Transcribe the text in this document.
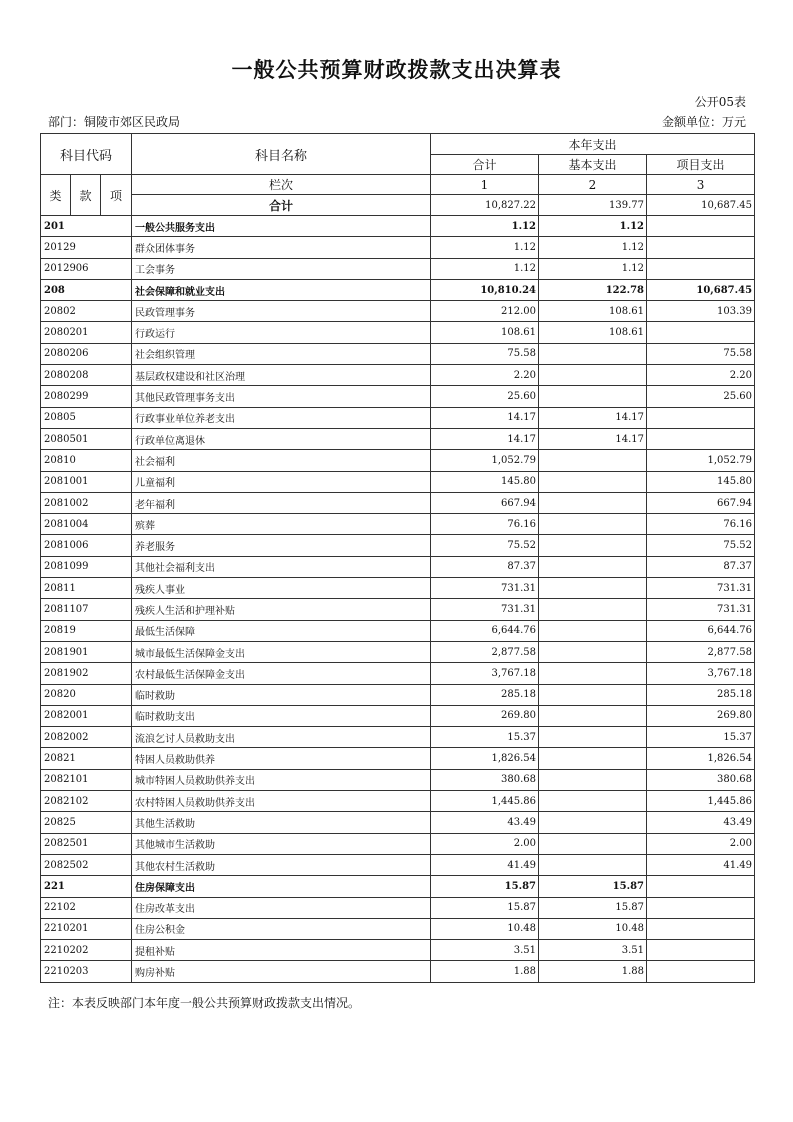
一般公共预算财政拨款支出决算表
公开05表
部门：铜陵市郊区民政局	金额单位：万元
科目代码			科目名称	本年支出		
				合计	基本支出	项目支出
类	款	项	栏次	1	2	3
			合计	10,827.22	139.77	10,687.45
201			一般公共服务支出	1.12	1.12	
20129			群众团体事务	1.12	1.12	
2012906			工会事务	1.12	1.12	
208			社会保障和就业支出	10,810.24	122.78	10,687.45
20802			民政管理事务	212.00	108.61	103.39
2080201			行政运行	108.61	108.61	
2080206			社会组织管理	75.58		75.58
2080208			基层政权建设和社区治理	2.20		2.20
2080299			其他民政管理事务支出	25.60		25.60
20805			行政事业单位养老支出	14.17	14.17	
2080501			行政单位离退休	14.17	14.17	
20810			社会福利	1,052.79		1,052.79
2081001			儿童福利	145.80		145.80
2081002			老年福利	667.94		667.94
2081004			殡葬	76.16		76.16
2081006			养老服务	75.52		75.52
2081099			其他社会福利支出	87.37		87.37
20811			残疾人事业	731.31		731.31
2081107			残疾人生活和护理补贴	731.31		731.31
20819			最低生活保障	6,644.76		6,644.76
2081901			城市最低生活保障金支出	2,877.58		2,877.58
2081902			农村最低生活保障金支出	3,767.18		3,767.18
20820			临时救助	285.18		285.18
2082001			临时救助支出	269.80		269.80
2082002			流浪乞讨人员救助支出	15.37		15.37
20821			特困人员救助供养	1,826.54		1,826.54
2082101			城市特困人员救助供养支出	380.68		380.68
2082102			农村特困人员救助供养支出	1,445.86		1,445.86
20825			其他生活救助	43.49		43.49
2082501			其他城市生活救助	2.00		2.00
2082502			其他农村生活救助	41.49		41.49
221			住房保障支出	15.87	15.87	
22102			住房改革支出	15.87	15.87	
2210201			住房公积金	10.48	10.48	
2210202			提租补贴	3.51	3.51	
2210203			购房补贴	1.88	1.88	
注：本表反映部门本年度一般公共预算财政拨款支出情况。
